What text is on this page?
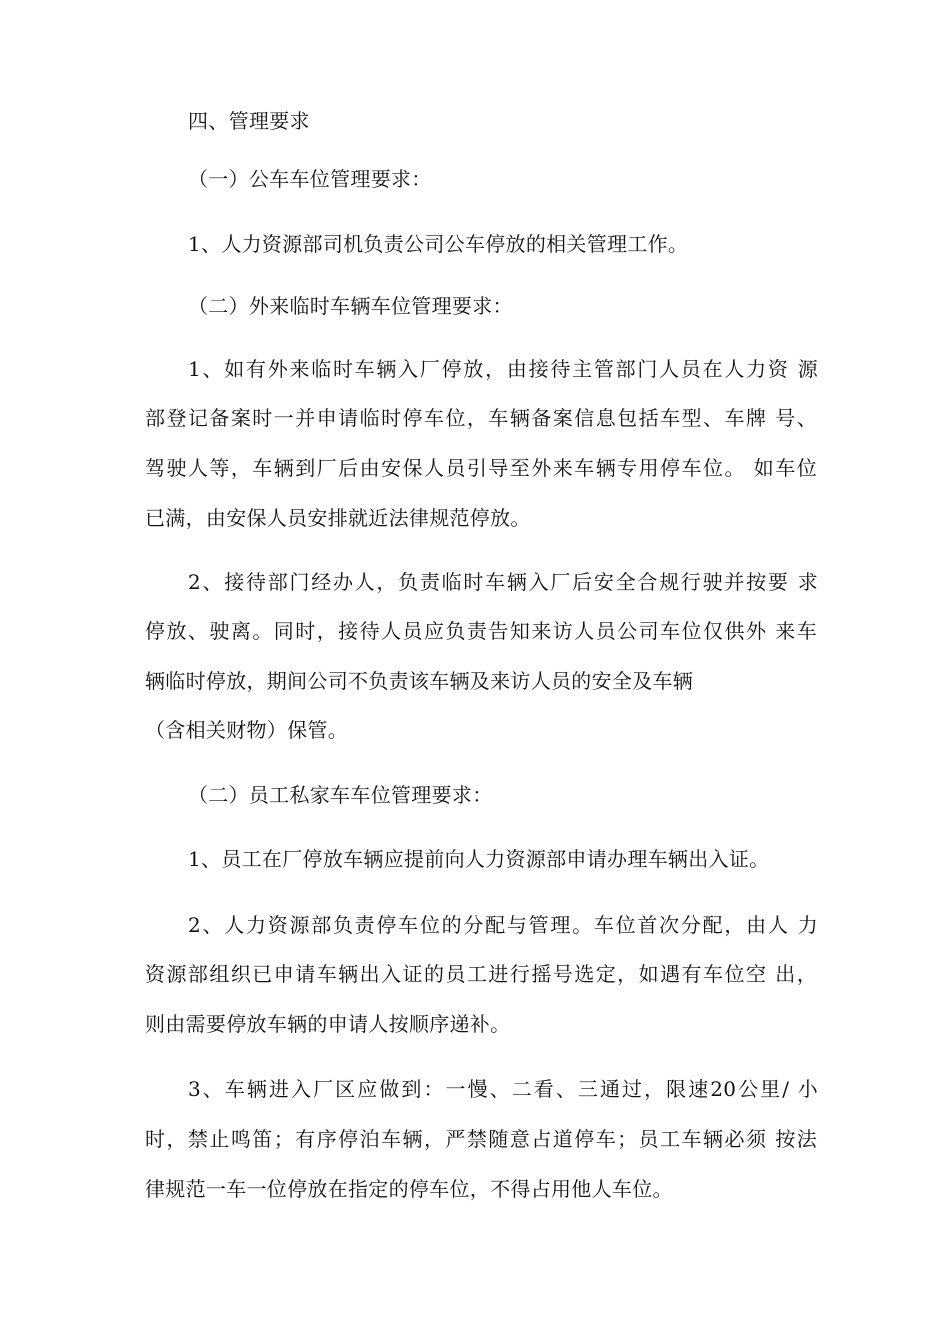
四、管理要求
（一）公车车位管理要求：
1、人力资源部司机负责公司公车停放的相关管理工作。
（二）外来临时车辆车位管理要求：
1、如有外来临时车辆入厂停放，由接待主管部门人员在人力资 源
部登记备案时一并申请临时停车位，车辆备案信息包括车型、车牌 号、
驾驶人等，车辆到厂后由安保人员引导至外来车辆专用停车位。 如车位
已满，由安保人员安排就近法律规范停放。
2、接待部门经办人，负责临时车辆入厂后安全合规行驶并按要 求
停放、驶离。同时，接待人员应负责告知来访人员公司车位仅供外 来车
辆临时停放，期间公司不负责该车辆及来访人员的安全及车辆
（含相关财物）保管。
（二）员工私家车车位管理要求：
1、员工在厂停放车辆应提前向人力资源部申请办理车辆出入证。
2、人力资源部负责停车位的分配与管理。车位首次分配，由人 力
资源部组织已申请车辆出入证的员工进行摇号选定，如遇有车位空 出，
则由需要停放车辆的申请人按顺序递补。
3、车辆进入厂区应做到：一慢、二看、三通过，限速20公里/ 小
时，禁止鸣笛；有序停泊车辆，严禁随意占道停车；员工车辆必须 按法
律规范一车一位停放在指定的停车位，不得占用他人车位。
